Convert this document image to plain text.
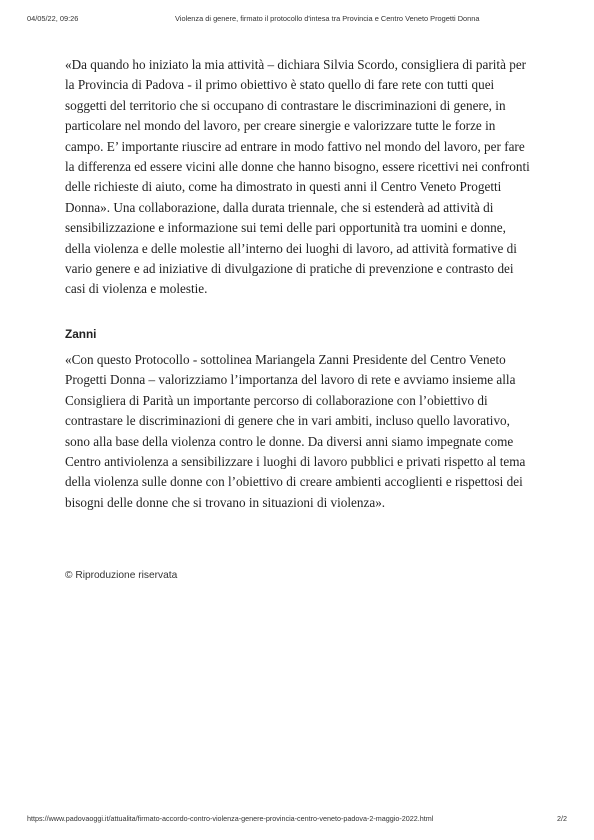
04/05/22, 09:26	Violenza di genere, firmato il protocollo d'intesa tra Provincia e Centro Veneto Progetti Donna

«Da quando ho iniziato la mia attività – dichiara Silvia Scordo, consigliera di parità per la Provincia di Padova - il primo obiettivo è stato quello di fare rete con tutti quei soggetti del territorio che si occupano di contrastare le discriminazioni di genere, in particolare nel mondo del lavoro, per creare sinergie e valorizzare tutte le forze in campo. E’ importante riuscire ad entrare in modo fattivo nel mondo del lavoro, per fare la differenza ed essere vicini alle donne che hanno bisogno, essere ricettivi nei confronti delle richieste di aiuto, come ha dimostrato in questi anni il Centro Veneto Progetti Donna». Una collaborazione, dalla durata triennale, che si estenderà ad attività di sensibilizzazione e informazione sui temi delle pari opportunità tra uomini e donne, della violenza e delle molestie all’interno dei luoghi di lavoro, ad attività formative di vario genere e ad iniziative di divulgazione di pratiche di prevenzione e contrasto dei casi di violenza e molestie.

Zanni

«Con questo Protocollo - sottolinea Mariangela Zanni Presidente del Centro Veneto Progetti Donna – valorizziamo l’importanza del lavoro di rete e avviamo insieme alla Consigliera di Parità un importante percorso di collaborazione con l’obiettivo di contrastare le discriminazioni di genere che in vari ambiti, incluso quello lavorativo, sono alla base della violenza contro le donne. Da diversi anni siamo impegnate come Centro antiviolenza a sensibilizzare i luoghi di lavoro pubblici e privati rispetto al tema della violenza sulle donne con l’obiettivo di creare ambienti accoglienti e rispettosi dei bisogni delle donne che si trovano in situazioni di violenza».

© Riproduzione riservata
https://www.padovaoggi.it/attualita/firmato-accordo-contro-violenza-genere-provincia-centro-veneto-padova-2-maggio-2022.html	2/2
